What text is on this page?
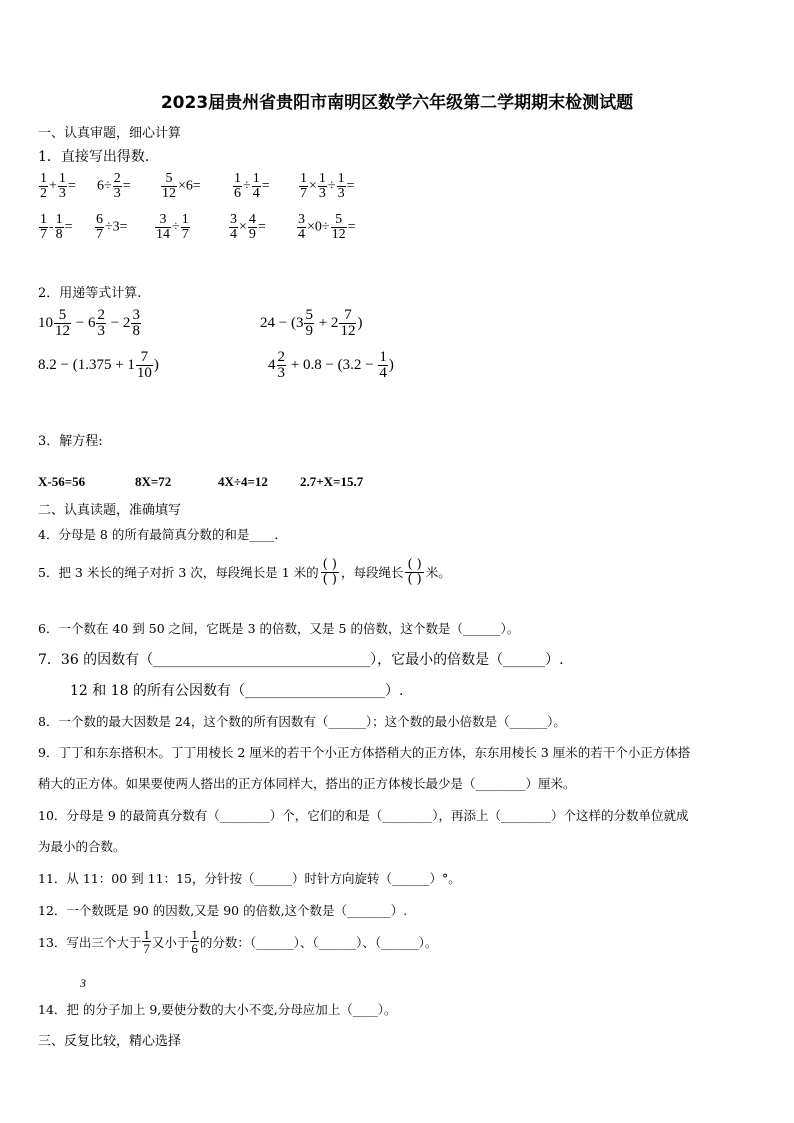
2023届贵州省贵阳市南明区数学六年级第二学期期末检测试题
一、认真审题，细心计算
1．直接写出得数．
$\frac{1}{2} + \frac{1}{3} = 6\div \frac{2}{3} = \frac{5}{12} \times 6= \frac{1}{6} \div \frac{1}{4} = \frac{1}{7} \times \frac{1}{3} \div \frac{1}{3}$ =
$\frac{1}{7} - \frac{1}{8} = \frac{6}{7} \div 3= \frac{3}{14} \div \frac{1}{7}$	$\frac{3}{4} \times \frac{4}{9} = \frac{3}{4} \times 0\div \frac{5}{12}$ =
2．用递等式计算.
$10 \frac{5}{12} - 6 \frac{2}{3} - 2 \frac{3}{8}$	$24 - (3 \frac{5}{9} + 2 \frac{7}{12}$ )
$8.2 - (1.375 + 1 \frac{7}{10}$ )	$4 \frac{2}{3} + 0.8 - (3.2 - \frac{1}{4}$ )
3．解方程:
X-56=56	8X=72	4X÷4=12 2.7+X=15.7
二、认真读题，准确填写
4．分母是 8 的所有最简真分数的和是____．
5．把 3 米长的绳子对折 3 次，每段绳长是 1 米的
( )
( ) ，每段绳长
( )
( ) 米。
6．一个数在 40 到 50 之间，它既是 3 的倍数，又是 5 的倍数，这个数是（______）。
7．36 的因数有（_______________________________），它最小的倍数是（______）.
12 和 18 的所有公因数有（____________________）.
8．一个数的最大因数是 24，这个数的所有因数有（______）；这个数的最小倍数是（______）。
9．丁丁和东东搭积木。丁丁用棱长 2 厘米的若干个小正方体搭稍大的正方体，东东用棱长 3 厘米的若干个小正方体搭
稍大的正方体。如果要使两人搭出的正方体同样大，搭出的正方体棱长最少是（________）厘米。
10．分母是 9 的最简真分数有（________）个，它们的和是（________），再添上（________）个这样的分数单位就成
为最小的合数。
11．从 11：00 到 11：15，分针按（______）时针方向旋转（______）°。
12．一个数既是 90 的因数,又是 90 的倍数,这个数是（_______）.
13．写出三个大于 $\frac{1}{7}$ 又小于 $\frac{1}{6}$ 的分数：（______）、（______）、（______）。
3
14．把 的分子加上 9,要使分数的大小不变,分母应加上（____）。
三、反复比较，精心选择
